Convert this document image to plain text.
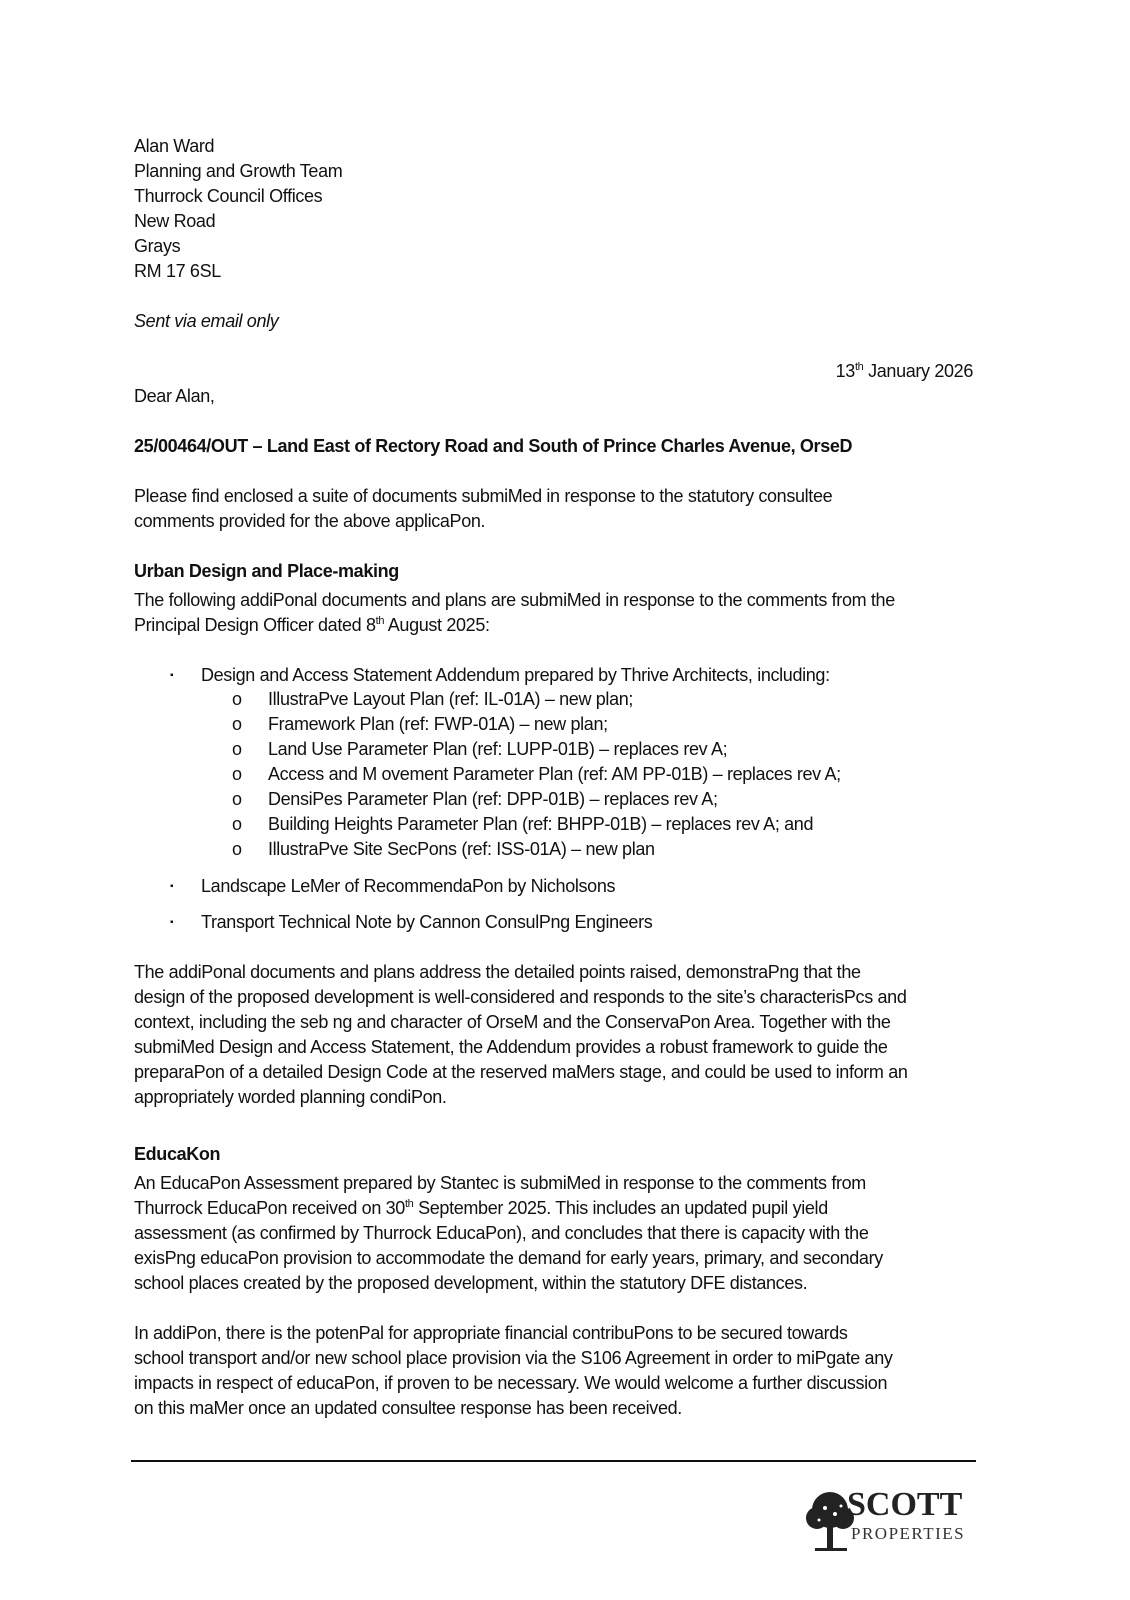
Alan Ward
Planning and Growth Team
Thurrock Council Offices
New Road
Grays
RM 17 6SL
Sent via email only
13th January 2026
Dear Alan,
25/00464/OUT – Land East of Rectory Road and South of Prince Charles Avenue, OrseD
Please find enclosed a suite of documents submiMed in response to the statutory consultee
comments provided for the above applicaPon.
Urban Design and Place-making
The following addiPonal documents and plans are submiMed in response to the comments from the
Principal Design Officer dated 8th August 2025:
▪ Design and Access Statement Addendum prepared by Thrive Architects, including:
o IllustraPve Layout Plan (ref: IL-01A) – new plan;
o Framework Plan (ref: FWP-01A) – new plan;
o Land Use Parameter Plan (ref: LUPP-01B) – replaces rev A;
o Access and M ovement Parameter Plan (ref: AM PP-01B) – replaces rev A;
o DensiPes Parameter Plan (ref: DPP-01B) – replaces rev A;
o Building Heights Parameter Plan (ref: BHPP-01B) – replaces rev A; and
o IllustraPve Site SecPons (ref: ISS-01A) – new plan
▪ Landscape LeMer of RecommendaPon by Nicholsons
▪ Transport Technical Note by Cannon ConsulPng Engineers
The addiPonal documents and plans address the detailed points raised, demonstraPng that the
design of the proposed development is well-considered and responds to the site’s characterisPcs and
context, including the seb ng and character of OrseM and the ConservaPon Area. Together with the
submiMed Design and Access Statement, the Addendum provides a robust framework to guide the
preparaPon of a detailed Design Code at the reserved maMers stage, and could be used to inform an
appropriately worded planning condiPon.
EducaKon
An EducaPon Assessment prepared by Stantec is submiMed in response to the comments from
Thurrock EducaPon received on 30th September 2025. This includes an updated pupil yield
assessment (as confirmed by Thurrock EducaPon), and concludes that there is capacity with the
exisPng educaPon provision to accommodate the demand for early years, primary, and secondary
school places created by the proposed development, within the statutory DFE distances.
In addiPon, there is the potenPal for appropriate financial contribuPons to be secured towards
school transport and/or new school place provision via the S106 Agreement in order to miPgate any
impacts in respect of educaPon, if proven to be necessary. We would welcome a further discussion
on this maMer once an updated consultee response has been received.
SCOTT
PROPERTIES
